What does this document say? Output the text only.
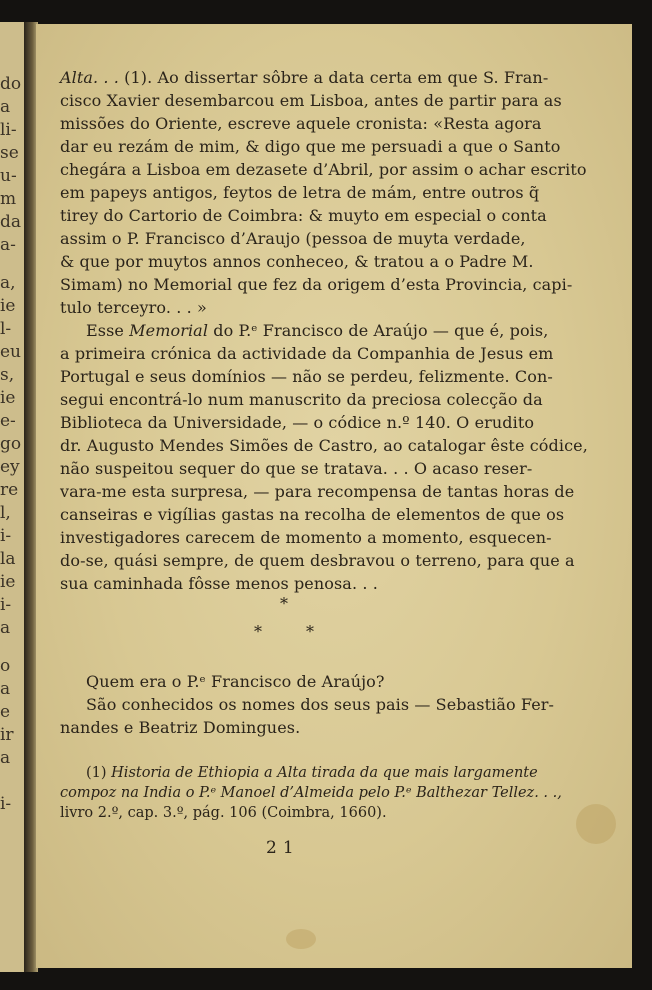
do
a
li-
se
u-
m
da
a-
a,
ie
l-
eu
s,
ie
e-
go
ey
re
l,
i-
la
ie
i-
a
o
a
e
ir
a
i-
Alta. . . (1). Ao dissertar sôbre a data certa em que S. Fran-
cisco Xavier desembarcou em Lisboa, antes de partir para as
missões do Oriente, escreve aquele cronista: «Resta agora
dar eu rezám de mim, & digo que me persuadi a que o Santo
chegára a Lisboa em dezasete d’Abril, por assim o achar escrito
em papeys antigos, feytos de letra de mám, entre outros q̃
tirey do Cartorio de Coimbra: & muyto em especial o conta
assim o P. Francisco d’Araujo (pessoa de muyta verdade,
& que por muytos annos conheceo, & tratou a o Padre M.
Simam) no Memorial que fez da origem d’esta Provincia, capi-
tulo terceyro. . . »
Esse Memorial do P.ᵉ Francisco de Araújo — que é, pois,
a primeira crónica da actividade da Companhia de Jesus em
Portugal e seus domínios — não se perdeu, felizmente. Con-
segui encontrá-lo num manuscrito da preciosa colecção da
Biblioteca da Universidade, — o códice n.º 140. O erudito
dr. Augusto Mendes Simões de Castro, ao catalogar êste códice,
não suspeitou sequer do que se tratava. . . O acaso reser-
vara-me esta surpresa, — para recompensa de tantas horas de
canseiras e vigílias gastas na recolha de elementos de que os
investigadores carecem de momento a momento, esquecen-
do-se, quási sempre, de quem desbravou o terreno, para que a
sua caminhada fôsse menos penosa. . .
*
*	*
Quem era o P.ᵉ Francisco de Araújo?
São conhecidos os nomes dos seus pais — Sebastião Fer-
nandes e Beatriz Domingues.
(1) Historia de Ethiopia a Alta tirada da que mais largamente
compoz na India o P.ᵉ Manoel d’Almeida pelo P.ᵉ Balthezar Tellez. . .,
livro 2.º, cap. 3.º, pág. 106 (Coimbra, 1660).
21
